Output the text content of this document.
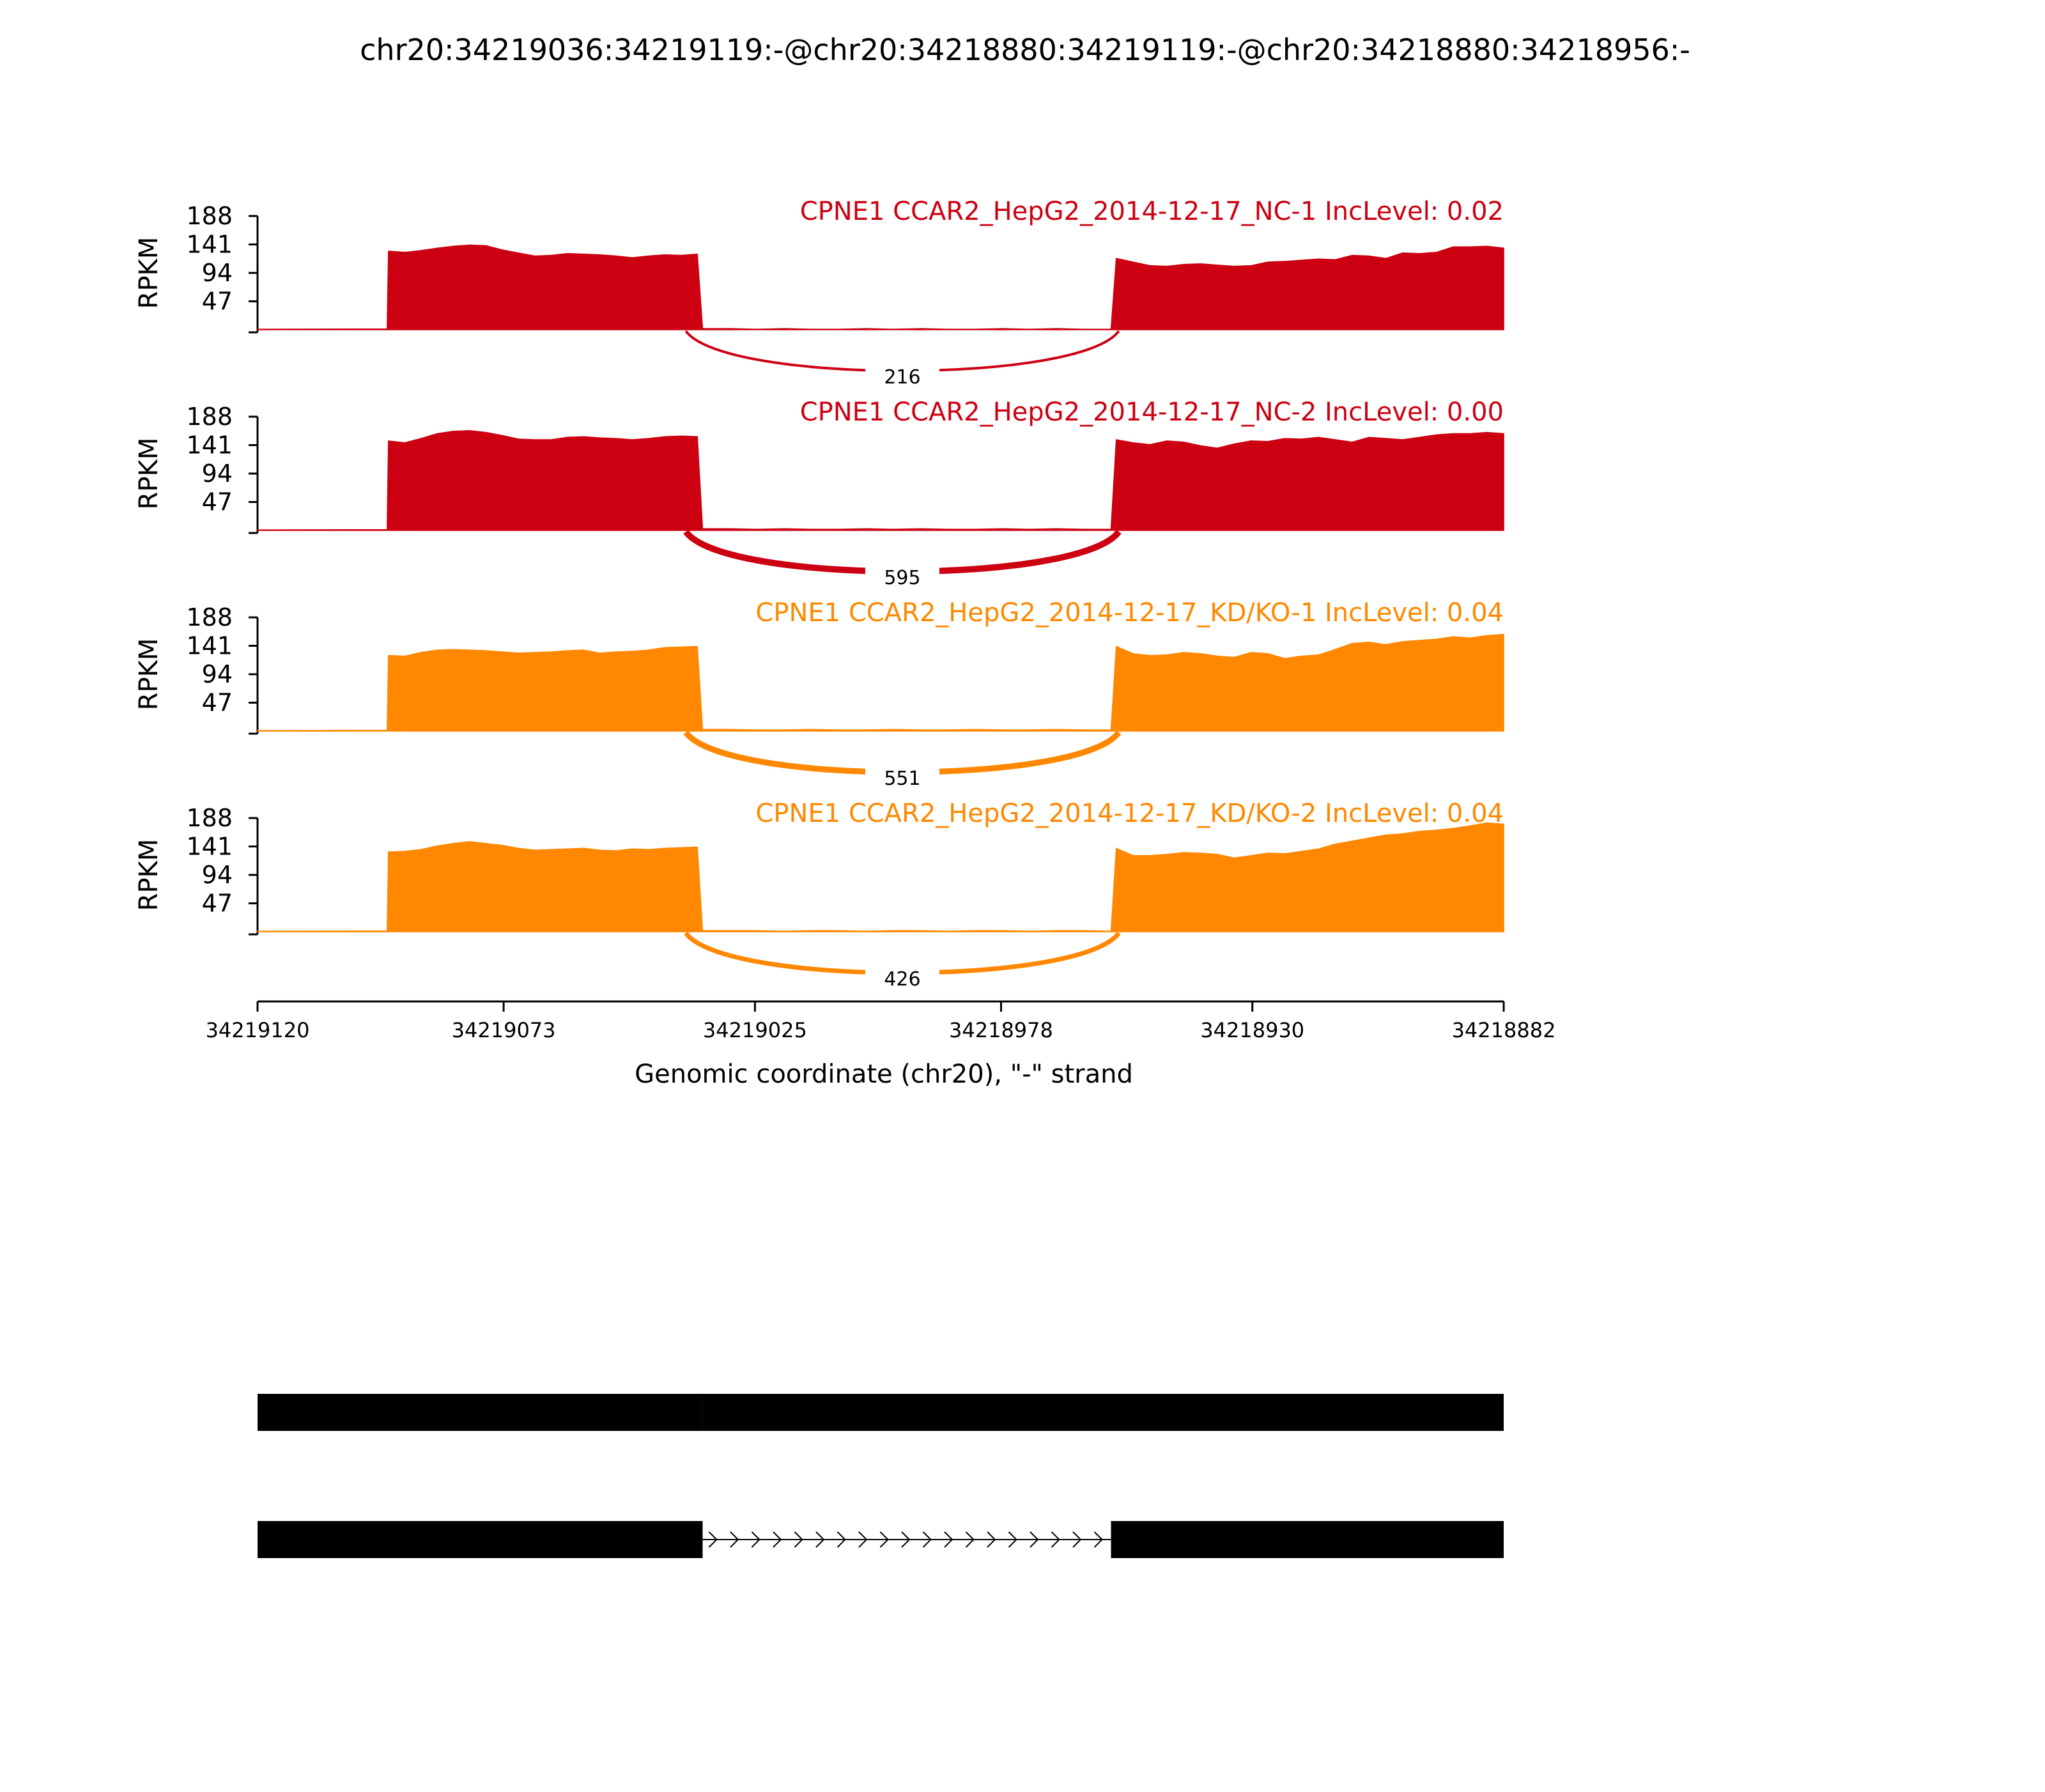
chr20:34219036:34219119:-@chr20:34218880:34219119:-@chr20:34218880:34218956:-
188
141
94
47
RPKM
216
CPNE1 CCAR2_HepG2_2014-12-17_NC-1 IncLevel: 0.02
188
141
94
47
RPKM
595
CPNE1 CCAR2_HepG2_2014-12-17_NC-2 IncLevel: 0.00
188
141
94
47
RPKM
551
CPNE1 CCAR2_HepG2_2014-12-17_KD/KO-1 IncLevel: 0.04
188
141
94
47
RPKM
426
CPNE1 CCAR2_HepG2_2014-12-17_KD/KO-2 IncLevel: 0.04
34219120	34219073	34219025	34218978	34218930	34218882
Genomic coordinate (chr20), "-" strand
